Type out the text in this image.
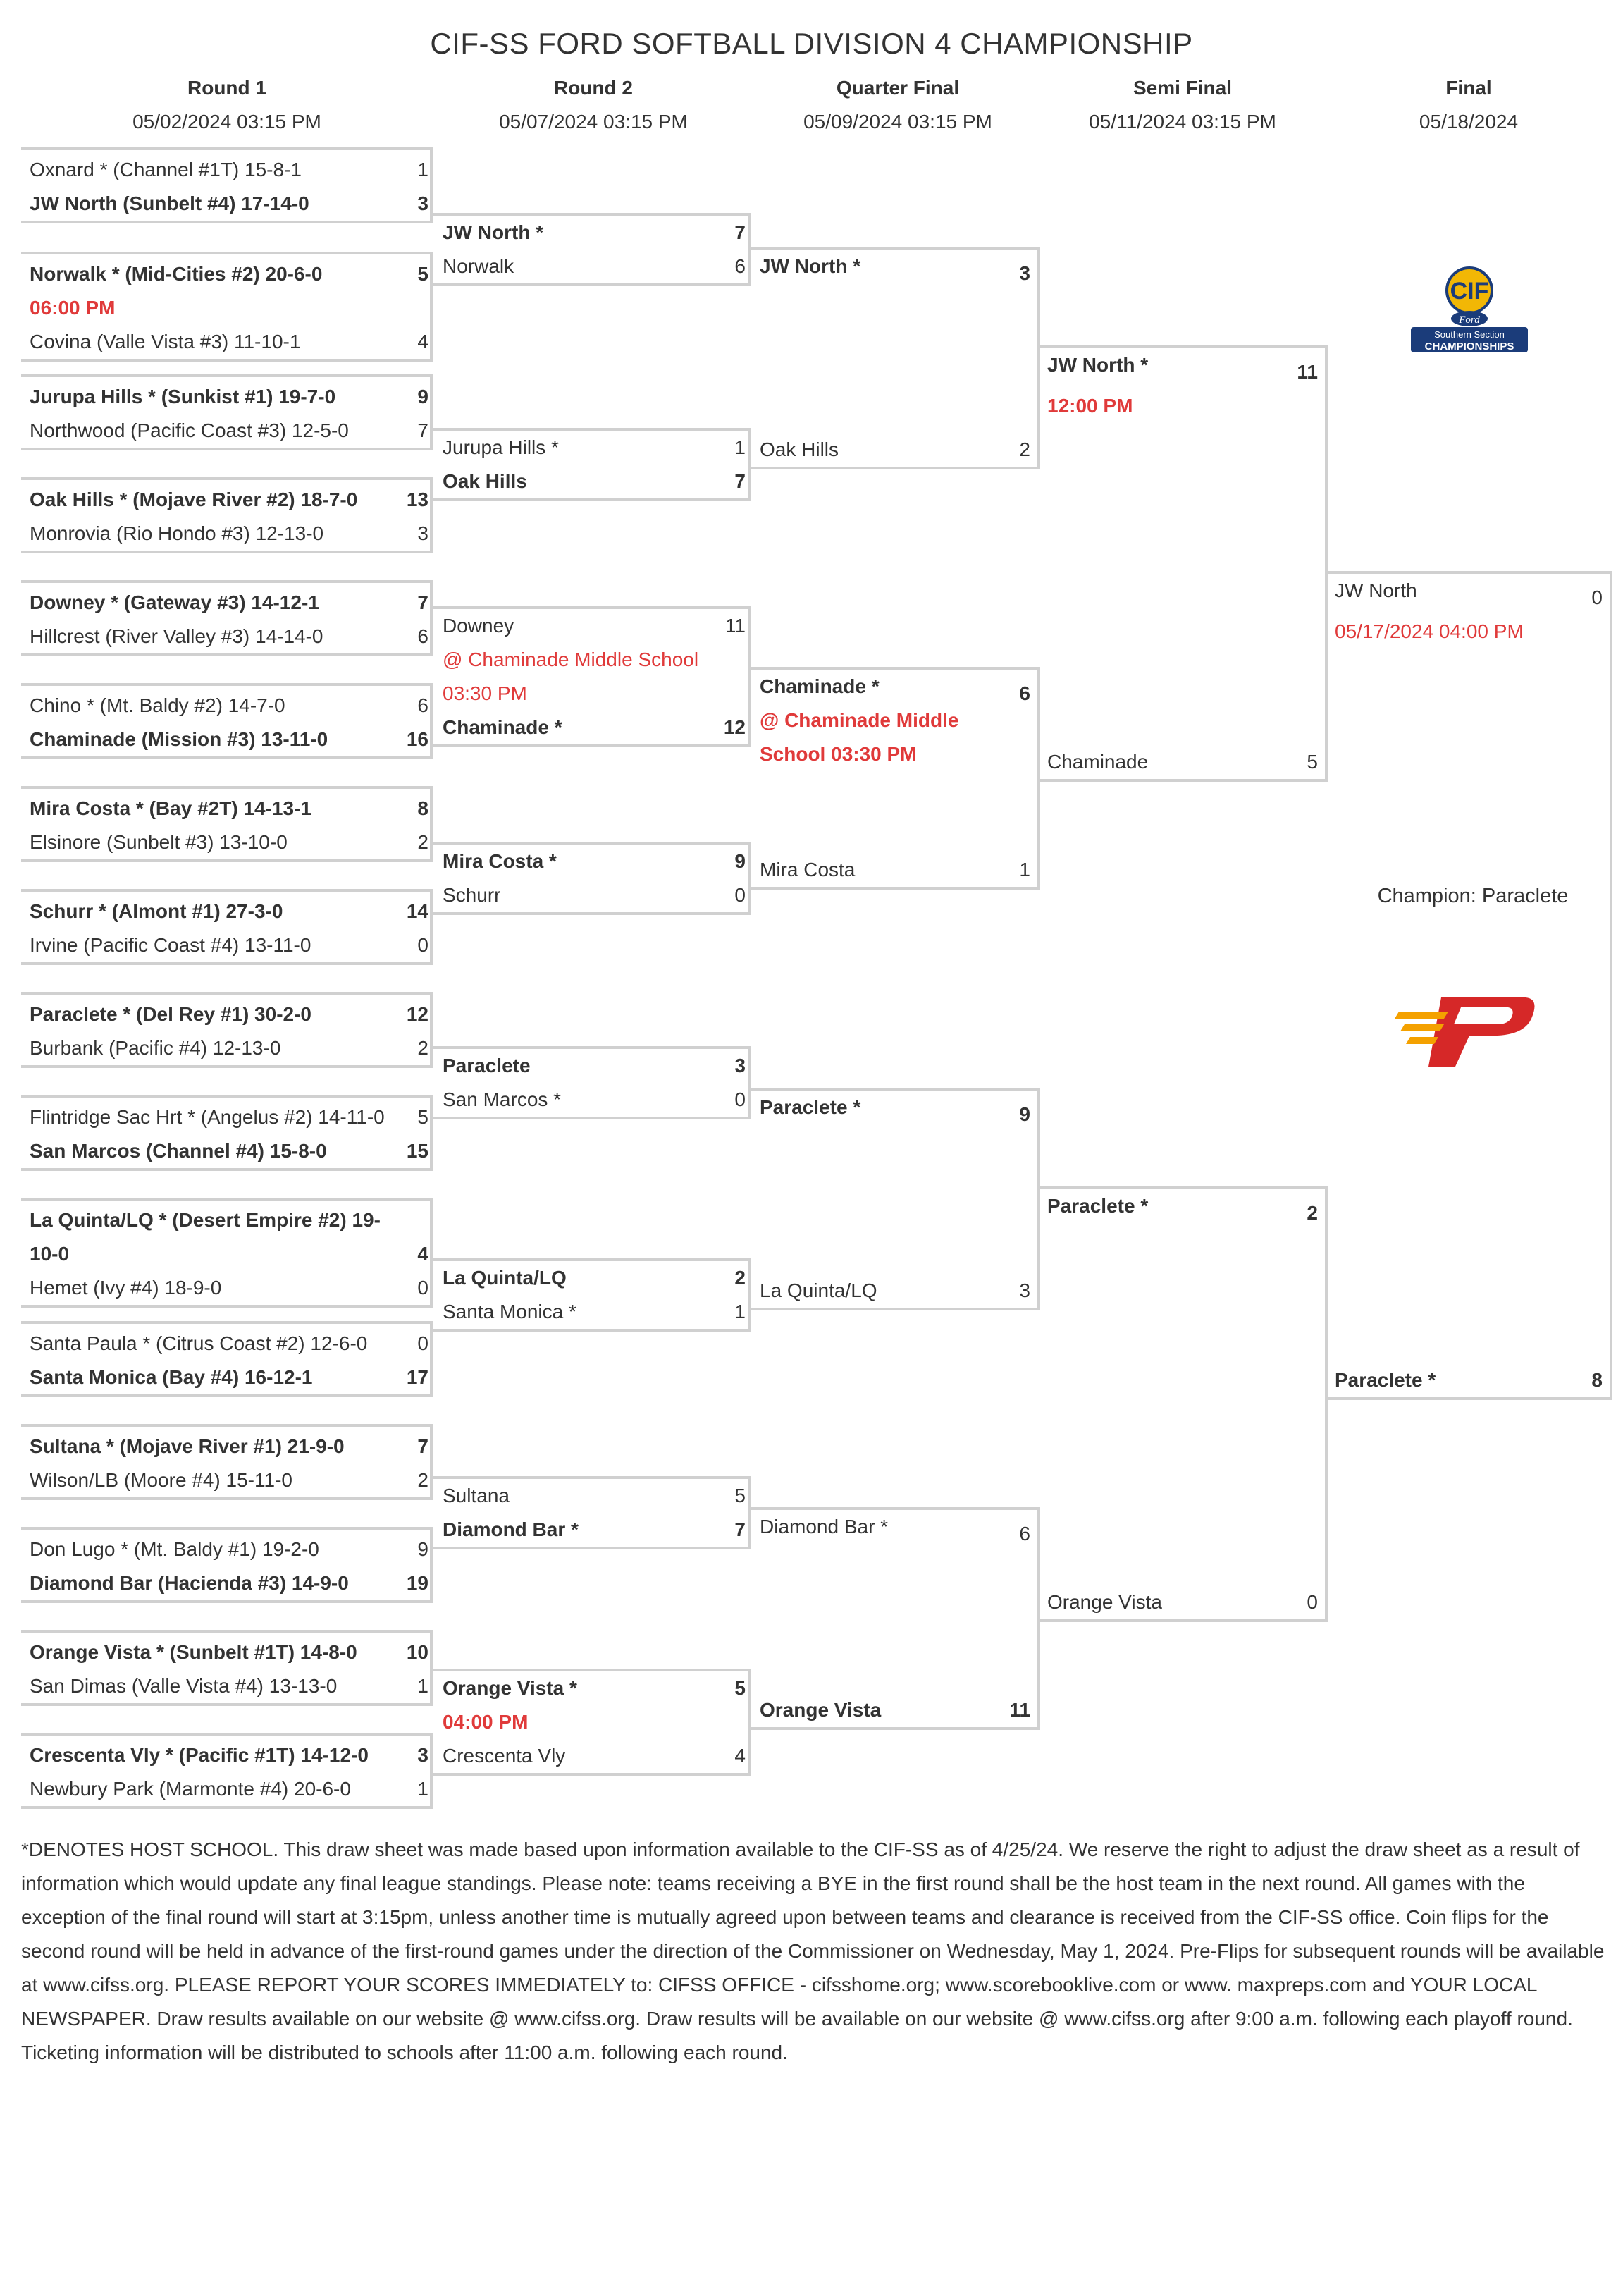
CIF-SS FORD SOFTBALL DIVISION 4 CHAMPIONSHIP
Round 1
05/02/2024 03:15 PM
Round 2
05/07/2024 03:15 PM
Quarter Final
05/09/2024 03:15 PM
Semi Final
05/11/2024 03:15 PM
Final
05/18/2024
Oxnard * (Channel #1T) 15-8-1	1
JW North (Sunbelt #4) 17-14-0	3
Norwalk * (Mid-Cities #2) 20-6-0	5
06:00 PM
Covina (Valle Vista #3) 11-10-1	4
Jurupa Hills * (Sunkist #1) 19-7-0	9
Northwood (Pacific Coast #3) 12-5-0	7
Oak Hills * (Mojave River #2) 18-7-0	13
Monrovia (Rio Hondo #3) 12-13-0	3
Downey * (Gateway #3) 14-12-1	7
Hillcrest (River Valley #3) 14-14-0	6
Chino * (Mt. Baldy #2) 14-7-0	6
Chaminade (Mission #3) 13-11-0	16
Mira Costa * (Bay #2T) 14-13-1	8
Elsinore (Sunbelt #3) 13-10-0	2
Schurr * (Almont #1) 27-3-0	14
Irvine (Pacific Coast #4) 13-11-0	0
Paraclete * (Del Rey #1) 30-2-0	12
Burbank (Pacific #4) 12-13-0	2
Flintridge Sac Hrt * (Angelus #2) 14-11-0	5
San Marcos (Channel #4) 15-8-0	15
La Quinta/LQ * (Desert Empire #2) 19-
10-0	4
Hemet (Ivy #4) 18-9-0	0
Santa Paula * (Citrus Coast #2) 12-6-0	0
Santa Monica (Bay #4) 16-12-1	17
Sultana * (Mojave River #1) 21-9-0	7
Wilson/LB (Moore #4) 15-11-0	2
Don Lugo * (Mt. Baldy #1) 19-2-0	9
Diamond Bar (Hacienda #3) 14-9-0	19
Orange Vista * (Sunbelt #1T) 14-8-0	10
San Dimas (Valle Vista #4) 13-13-0	1
Crescenta Vly * (Pacific #1T) 14-12-0	3
Newbury Park (Marmonte #4) 20-6-0	1
JW North *	7
Norwalk	6
Jurupa Hills *	1
Oak Hills	7
Downey	11
@ Chaminade Middle School
03:30 PM
Chaminade *	12
Mira Costa *	9
Schurr	0
Paraclete	3
San Marcos *	0
La Quinta/LQ	2
Santa Monica *	1
Sultana	5
Diamond Bar *	7
Orange Vista *	5
04:00 PM
Crescenta Vly	4
JW North *	3
Oak Hills	2
Chaminade *	6
@ Chaminade Middle
School 03:30 PM
Mira Costa	1
Paraclete *	9
La Quinta/LQ	3
Diamond Bar *	6
Orange Vista	11
JW North *	11
12:00 PM
Chaminade	5
Paraclete *	2
Orange Vista	0
JW North	0
05/17/2024 04:00 PM
Paraclete *	8
CIF
Ford
Southern Section
CHAMPIONSHIPS
Champion: Paraclete
*DENOTES HOST SCHOOL. This draw sheet was made based upon information available to the CIF-SS as of 4/25/24. We reserve the right to adjust the draw sheet as a result of information which would update any final league standings. Please note: teams receiving a BYE in the first round shall be the host team in the next round. All games with the exception of the final round will start at 3:15pm, unless another time is mutually agreed upon between teams and clearance is received from the CIF-SS office. Coin flips for the second round will be held in advance of the first-round games under the direction of the Commissioner on Wednesday, May 1, 2024. Pre-Flips for subsequent rounds will be available at www.cifss.org. PLEASE REPORT YOUR SCORES IMMEDIATELY to: CIFSS OFFICE - cifsshome.org; www.scorebooklive.com or www. maxpreps.com and YOUR LOCAL NEWSPAPER. Draw results available on our website @ www.cifss.org. Draw results will be available on our website @ www.cifss.org after 9:00 a.m. following each playoff round. Ticketing information will be distributed to schools after 11:00 a.m. following each round.
